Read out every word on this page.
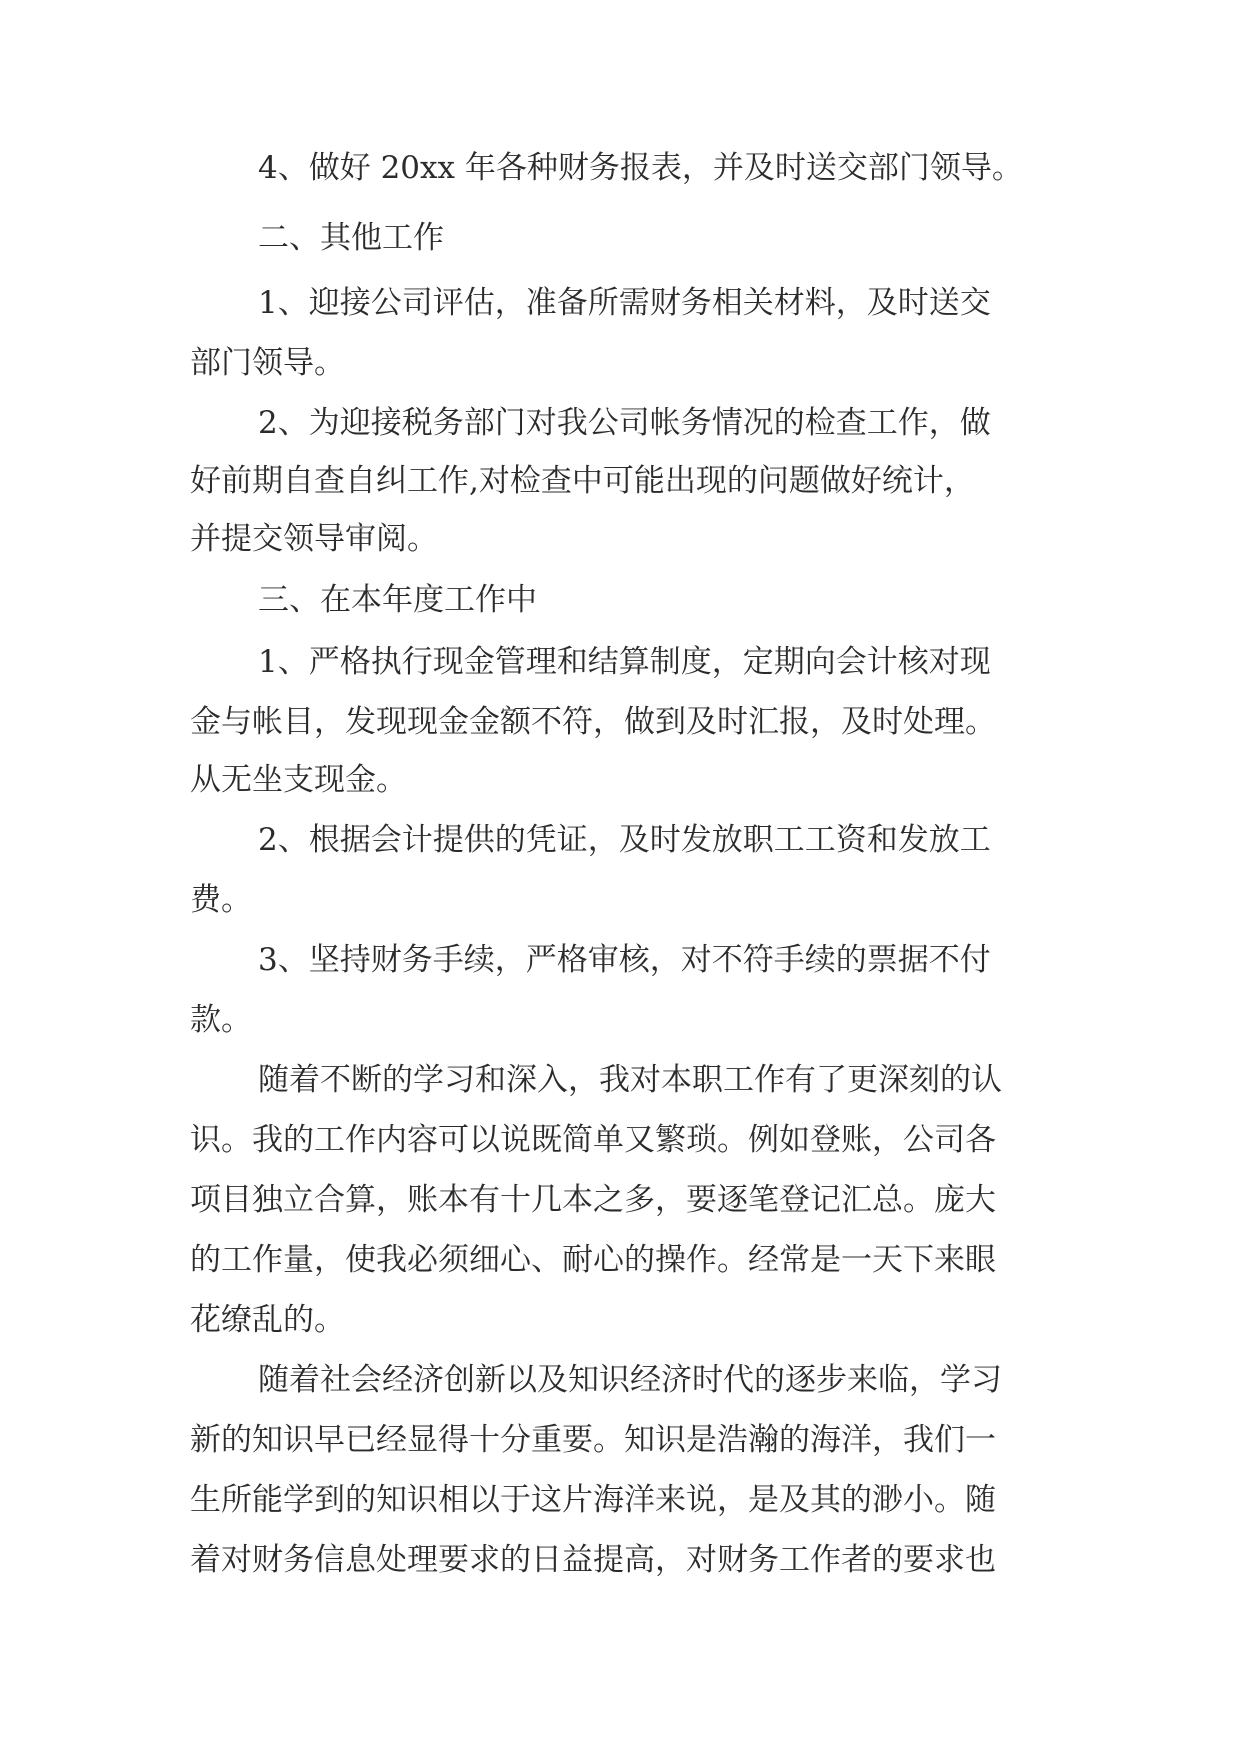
4、做好 20xx 年各种财务报表，并及时送交部门领导。
二、其他工作
1、迎接公司评估，准备所需财务相关材料，及时送交
部门领导。
2、为迎接税务部门对我公司帐务情况的检查工作，做
好前期自查自纠工作,对检查中可能出现的问题做好统计，
并提交领导审阅。
三、在本年度工作中
1、严格执行现金管理和结算制度，定期向会计核对现
金与帐目，发现现金金额不符，做到及时汇报，及时处理。
从无坐支现金。
2、根据会计提供的凭证，及时发放职工工资和发放工
费。
3、坚持财务手续，严格审核，对不符手续的票据不付
款。
随着不断的学习和深入，我对本职工作有了更深刻的认
识。我的工作内容可以说既简单又繁琐。例如登账，公司各
项目独立合算，账本有十几本之多，要逐笔登记汇总。庞大
的工作量，使我必须细心、耐心的操作。经常是一天下来眼
花缭乱的。
随着社会经济创新以及知识经济时代的逐步来临，学习
新的知识早已经显得十分重要。知识是浩瀚的海洋，我们一
生所能学到的知识相以于这片海洋来说，是及其的渺小。随
着对财务信息处理要求的日益提高，对财务工作者的要求也
